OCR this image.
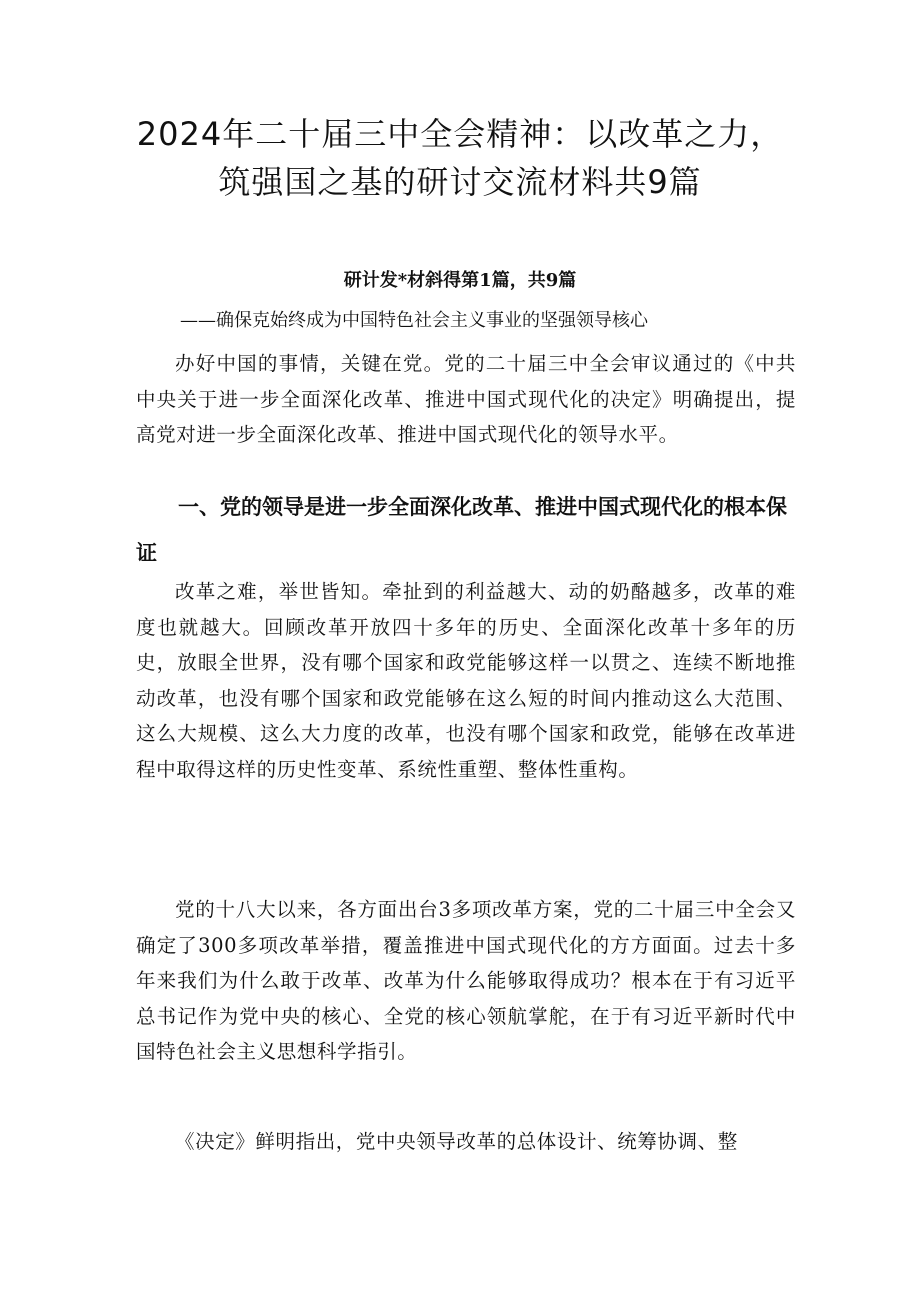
2024年二十届三中全会精神：以改革之力，
筑强国之基的研讨交流材料共9篇
研计发*材斜得第1篇，共9篇
——确保克始终成为中国特色社会主义事业的坚强领导核心

办好中国的事情，关键在党。党的二十届三中全会审议通过的《中共中央关于进一步全面深化改革、推进中国式现代化的决定》明确提出，提高党对进一步全面深化改革、推进中国式现代化的领导水平。

一、党的领导是进一步全面深化改革、推进中国式现代化的根本保证

改革之难，举世皆知。牵扯到的利益越大、动的奶酪越多，改革的难度也就越大。回顾改革开放四十多年的历史、全面深化改革十多年的历史，放眼全世界，没有哪个国家和政党能够这样一以贯之、连续不断地推动改革，也没有哪个国家和政党能够在这么短的时间内推动这么大范围、这么大规模、这么大力度的改革，也没有哪个国家和政党，能够在改革进程中取得这样的历史性变革、系统性重塑、整体性重构。

党的十八大以来，各方面出台3多项改革方案，党的二十届三中全会又确定了300多项改革举措，覆盖推进中国式现代化的方方面面。过去十多年来我们为什么敢于改革、改革为什么能够取得成功？根本在于有习近平总书记作为党中央的核心、全党的核心领航掌舵，在于有习近平新时代中国特色社会主义思想科学指引。

《决定》鲜明指出，党中央领导改革的总体设计、统筹协调、整
